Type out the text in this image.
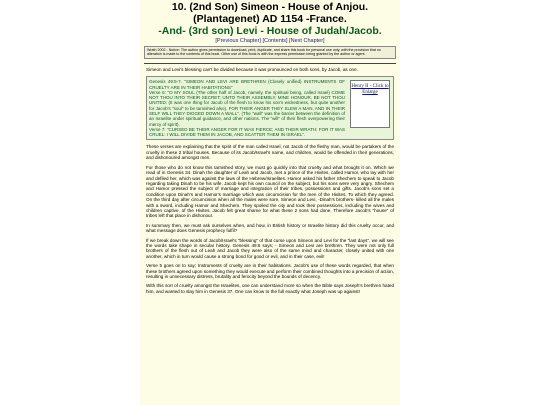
10. (2nd Son) Simeon - House of Anjou.
(Plantagenet) AD 1154 -France.
-And- (3rd son) Levi - House of Judah/Jacob.
[Previous Chapter] [Contents] [Next Chapter]
Wrath 2002 - Notice: The author gives permission to download, print, duplicate, and share this book for personal use only, with the provision that no alteration is made to the contents of this book. Other use of this book is with the express permission being granted by the author or agent.

Simeon and Levi's blessing can't be divided because it was pronounced on both sons, by Jacob, as one.

Genesis 49:5-7. "SIMEON AND LEVI ARE BRETHREN (Closely unified) INSTRUMENTS OF CRUELTY ARE IN THEIR HABITATIONS"
Verse 6: "O MY SOUL (The other half of Jacob, namely, the spiritual being, called Israel) COME NOT THOU INTO THEIR SECRET; UNTO THEIR ASSEMBLY, MINE HONOUR, BE NOT THOU UNITED: (It was one thing for Jacob of the flesh to know his son's wickedness, but quite another for Jacob's "soul" to be tarnished also). FOR THEIR ANGER THEY SLEW A MAN, AND IN THEIR SELF WILL THEY DIGGED DOWN A WALL". (The "wall" was the barrier between the definition of an Israelite under spiritual guidance, and other nations. The "will" of their flesh overpowering their mercy of spirit).
Verse 7: "CURSED BE THEIR ANGER FOR IT WAS FIERCE; AND THEIR WRATH; FOR IT WAS CRUEL: I WILL DIVIDE THEM IN JACOB, AND SCATTER THEM IN ISRAEL".
Henry II - Click to Enlarge

These verses are explaining that the spirit of the man called Israel, not Jacob of the fleshy man, would be partakers of the cruelty in these 2 tribal houses. Because of its Jacob/Israel's name, and children, would be offended in their generations, and dishonoured amongst men.

For those who do not know this tarnished story, we must go quickly into that cruelty and what brought it on. Which we read of in Genesis 34. Dinah the daughter of Leah and Jacob, met a prince of the Hivites, called Hamor, who lay with her and defiled her, which was against the laws of the Hebrew/Israelites. Hamor asked his father Shechem to speak to Jacob regarding taking Dinah to be his wife. Jacob kept his own council on the subject, but his sons were very angry. Shechem and Hamor pressed the subject of marriage and integration of their tribes, possessions and gifts. Jacob's sons set a condition upon Dinah's and Hamor's marriage which was circumcision for the men of the Hivites. To which they agreed. On the third day after circumcision when all the males were sore, Simeon and Levi, -Dinah's brothers- killed all the males with a sword, including Hamor and Shechem. They spoiled the city and took their possessions, including the wives and children captive, of the Hivites. Jacob felt great shame for what these 2 sons had done. Therefore Jacob's "house" of tribes left that place in dishonour.

In summary then, we must ask ourselves when, and how, in British history or Israelite history did this cruelty occur, and what message does Genesis prophecy fulfil?

If we break down the words of Jacob/Israel's "blessing" of that curse upon Simeon and Levi for the "last days", we will see the words take shape in secular history. Genesis 49:5 says; - Simeon and Levi are brethren. They were not only full brothers of the flesh out of Leah and Jacob they were also of the same mind and character, closely united with one another, which in turn would cause a strong bond for good or evil, and in their case, evil!

Verse 5 goes on to say; Instruments of cruelty are in their habitations. Jacob's use of these words regarded, that when these brothers agreed upon something they would execute and perform their combined thoughts into a precision of action, resulting in unnecessary distress, brutality and ferocity beyond the bounds of decency.

With this sort of cruelty amongst the Israelites, one can understand more so when the Bible says Joseph's brethren hated him, and wanted to slay him in Genesis 37. One can know to the full exactly what Joseph was up against!
